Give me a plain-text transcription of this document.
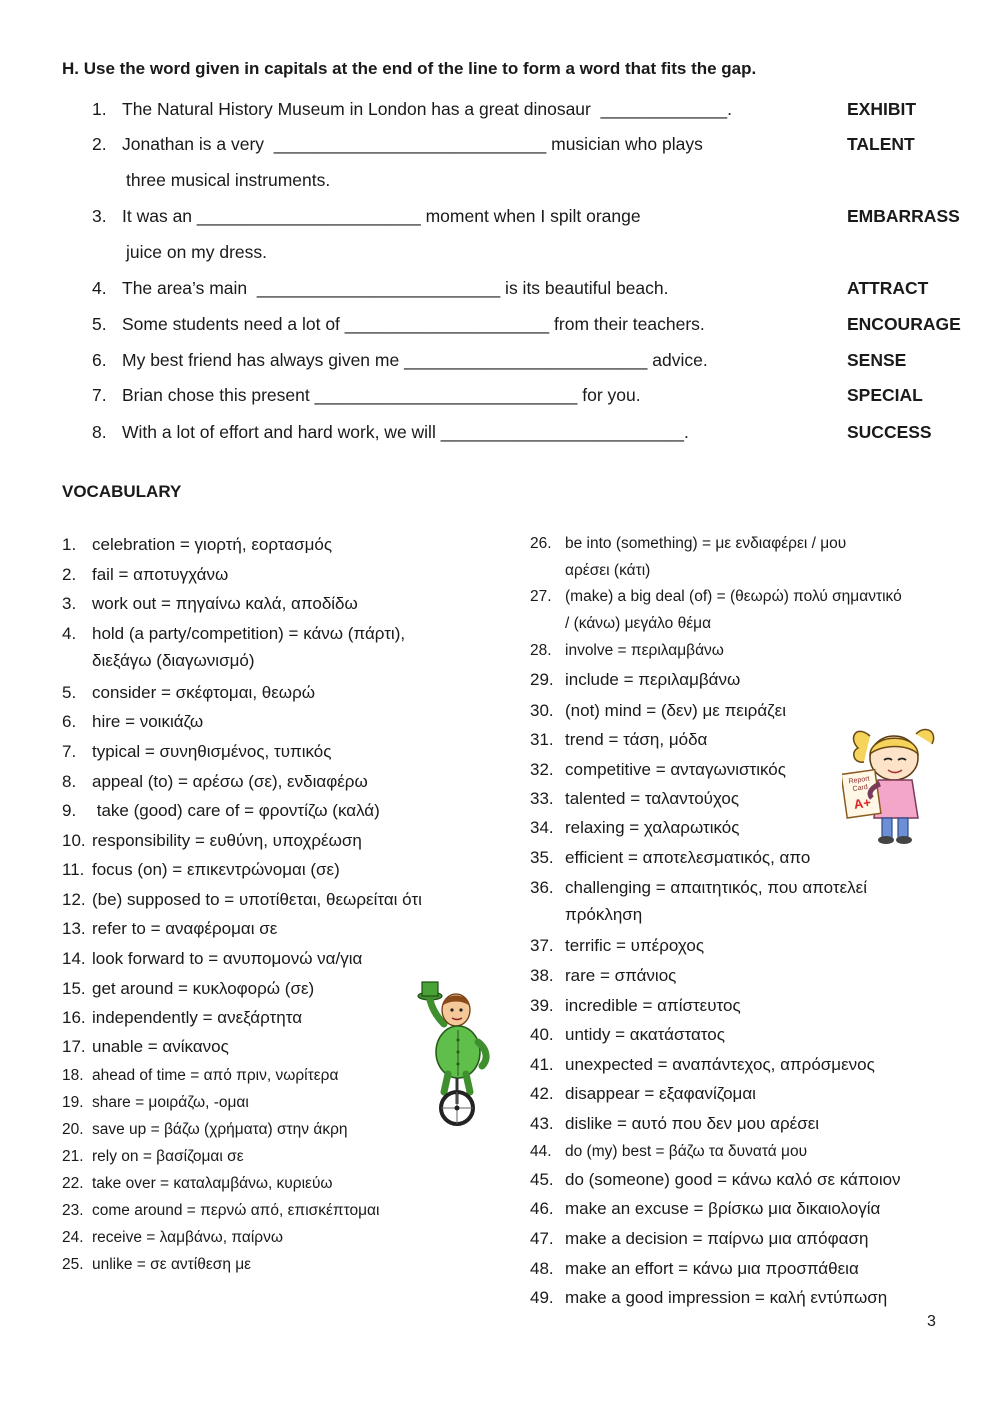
H. Use the word given in capitals at the end of the line to form a word that fits the gap.
1. The Natural History Museum in London has a great dinosaur  _____________.	EXHIBIT
2. Jonathan is a very  ____________________________ musician who plays	TALENT
three musical instruments.
3. It was an _______________________ moment when I spilt orange	EMBARRASS
juice on my dress.
4. The area’s main  _________________________ is its beautiful beach.	ATTRACT
5. Some students need a lot of _____________________ from their teachers.	ENCOURAGE
6. My best friend has always given me _________________________ advice.	SENSE
7. Brian chose this present ___________________________ for you.	SPECIAL
8. With a lot of effort and hard work, we will _________________________.	SUCCESS
VOCABULARY
1. celebration = γιορτή, εορτασμός
2. fail = αποτυγχάνω
3. work out = πηγαίνω καλά, αποδίδω
4. hold (a party/competition) = κάνω (πάρτι),
διεξάγω (διαγωνισμό)
5. consider = σκέφτομαι, θεωρώ
6. hire = νοικιάζω
7. typical = συνηθισμένος, τυπικός
8. appeal (to) = αρέσω (σε), ενδιαφέρω
9. take (good) care of = φροντίζω (καλά)
10. responsibility = ευθύνη, υποχρέωση
11. focus (on) = επικεντρώνομαι (σε)
12. (be) supposed to = υποτίθεται, θεωρείται ότι
13. refer to = αναφέρομαι σε
14. look forward to = ανυπομονώ να/για
15. get around = κυκλοφορώ (σε)
16. independently = ανεξάρτητα
17. unable = ανίκανος
18. ahead of time = από πριν, νωρίτερα
19. share = μοιράζω, -ομαι
20. save up = βάζω (χρήματα) στην άκρη
21. rely on = βασίζομαι σε
22. take over = καταλαμβάνω, κυριεύω
23. come around = περνώ από, επισκέπτομαι
24. receive = λαμβάνω, παίρνω
25. unlike = σε αντίθεση με
26. be into (something) = με ενδιαφέρει / μου
αρέσει (κάτι)
27. (make) a big deal (of) = (θεωρώ) πολύ σημαντικό
/ (κάνω) μεγάλο θέμα
28. involve = περιλαμβάνω
29. include = περιλαμβάνω
30. (not) mind = (δεν) με πειράζει
31. trend = τάση, μόδα
32. competitive = ανταγωνιστικός
33. talented = ταλαντούχος
34. relaxing = χαλαρωτικός
35. efficient = αποτελεσματικός, απο
36. challenging = απαιτητικός, που αποτελεί
πρόκληση
37. terrific = υπέροχος
38. rare = σπάνιος
39. incredible = απίστευτος
40. untidy = ακατάστατος
41. unexpected = αναπάντεχος, απρόσμενος
42. disappear = εξαφανίζομαι
43. dislike = αυτό που δεν μου αρέσει
44. do (my) best = βάζω τα δυνατά μου
45. do (someone) good = κάνω καλό σε κάποιον
46. make an excuse = βρίσκω μια δικαιολογία
47. make a decision = παίρνω μια απόφαση
48. make an effort = κάνω μια προσπάθεια
49. make a good impression = καλή εντύπωση
Report
Card
A+
3
